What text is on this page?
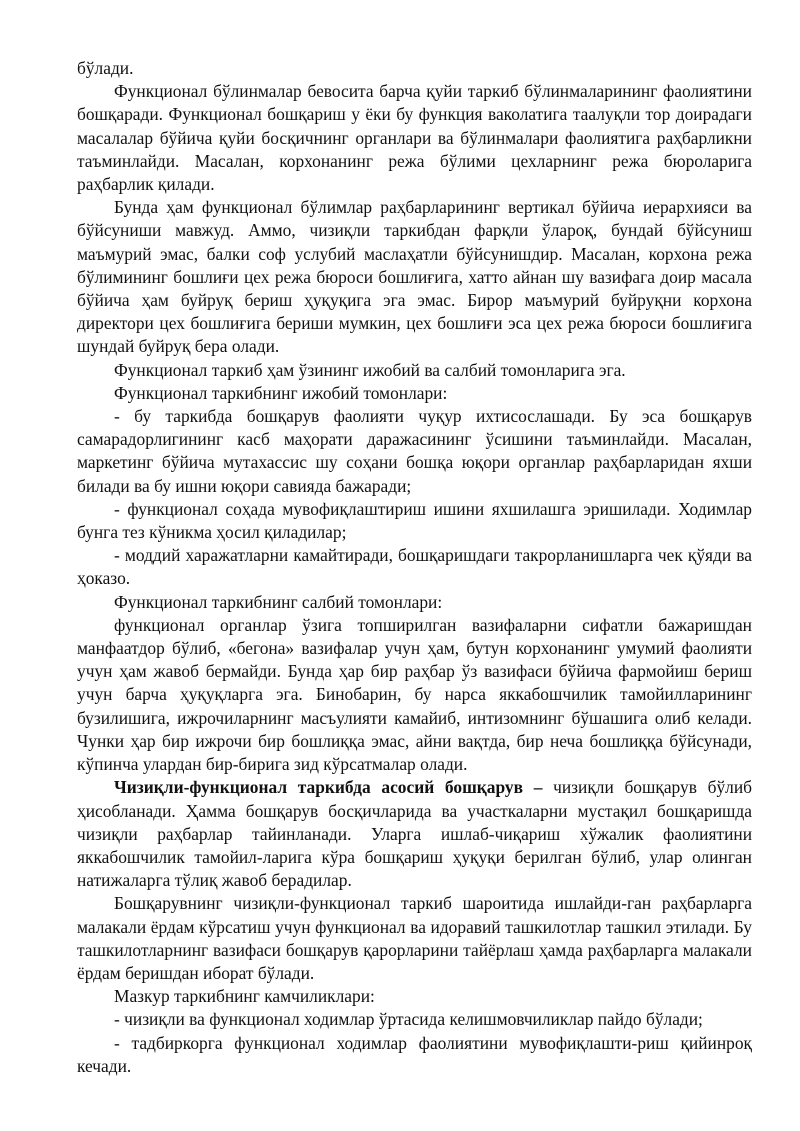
бўлади.

Функционал бўлинмалар бевосита барча қуйи таркиб бўлинмаларининг фаолиятини бошқаради. Функционал бошқариш у ёки бу функция ваколатига таалуқли тор доирадаги масалалар бўйича қуйи босқичнинг органлари ва бўлинмалари фаолиятига раҳбарликни таъминлайди. Масалан, корхонанинг режа бўлими цехларнинг режа бюроларига раҳбарлик қилади.

Бунда ҳам функционал бўлимлар раҳбарларининг вертикал бўйича иерархияси ва бўйсуниши мавжуд. Аммо, чизиқли таркибдан фарқли ўлароқ, бундай бўйсуниш маъмурий эмас, балки соф услубий маслаҳатли бўйсунишдир. Масалан, корхона режа бўлимининг бошлиғи цех режа бюроси бошлиғига, хатто айнан шу вазифага доир масала бўйича ҳам буйруқ бериш ҳуқуқига эга эмас. Бирор маъмурий буйруқни корхона директори цех бошлиғига бериши мумкин, цех бошлиғи эса цех режа бюроси бошлиғига шундай буйруқ бера олади.

Функционал таркиб ҳам ўзининг ижобий ва салбий томонларига эга.

Функционал таркибнинг ижобий томонлари:

- бу таркибда бошқарув фаолияти чуқур ихтисослашади. Бу эса бошқарув самарадорлигининг касб маҳорати даражасининг ўсишини таъминлайди. Масалан, маркетинг бўйича мутахассис шу соҳани бошқа юқори органлар раҳбарларидан яхши билади ва бу ишни юқори савияда бажаради;

- функционал соҳада мувофиқлаштириш ишини яхшилашга эришилади. Ходимлар бунга тез кўникма ҳосил қиладилар;

- моддий харажатларни камайтиради, бошқаришдаги такрорланишларга чек қўяди ва ҳоказо.

Функционал таркибнинг салбий томонлари:

функционал органлар ўзига топширилган вазифаларни сифатли бажаришдан манфаатдор бўлиб, «бегона» вазифалар учун ҳам, бутун корхонанинг умумий фаолияти учун ҳам жавоб бермайди. Бунда ҳар бир раҳбар ўз вазифаси бўйича фармойиш бериш учун барча ҳуқуқларга эга. Бинобарин, бу нарса яккабошчилик тамойилларининг бузилишига, ижрочиларнинг масъулияти камайиб, интизомнинг бўшашига олиб келади. Чунки ҳар бир ижрочи бир бошлиққа эмас, айни вақтда, бир неча бошлиққа бўйсунади, кўпинча улардан бир-бирига зид кўрсатмалар олади.

Чизиқли-функционал таркибда асосий бошқарув – чизиқли бошқарув бўлиб ҳисобланади. Ҳамма бошқарув босқичларида ва участкаларни мустақил бошқаришда чизиқли раҳбарлар тайинланади. Уларга ишлаб-чиқариш хўжалик фаолиятини яккабошчилик тамойил-ларига кўра бошқариш ҳуқуқи берилган бўлиб, улар олинган натижаларга тўлиқ жавоб берадилар.

Бошқарувнинг чизиқли-функционал таркиб шароитида ишлайди-ган раҳбарларга малакали ёрдам кўрсатиш учун функционал ва идоравий ташкилотлар ташкил этилади. Бу ташкилотларнинг вазифаси бошқарув қарорларини тайёрлаш ҳамда раҳбарларга малакали ёрдам беришдан иборат бўлади.

Мазкур таркибнинг камчиликлари:

- чизиқли ва функционал ходимлар ўртасида келишмовчиликлар пайдо бўлади;

- тадбиркорга функционал ходимлар фаолиятини мувофиқлашти-риш қийинроқ кечади.
